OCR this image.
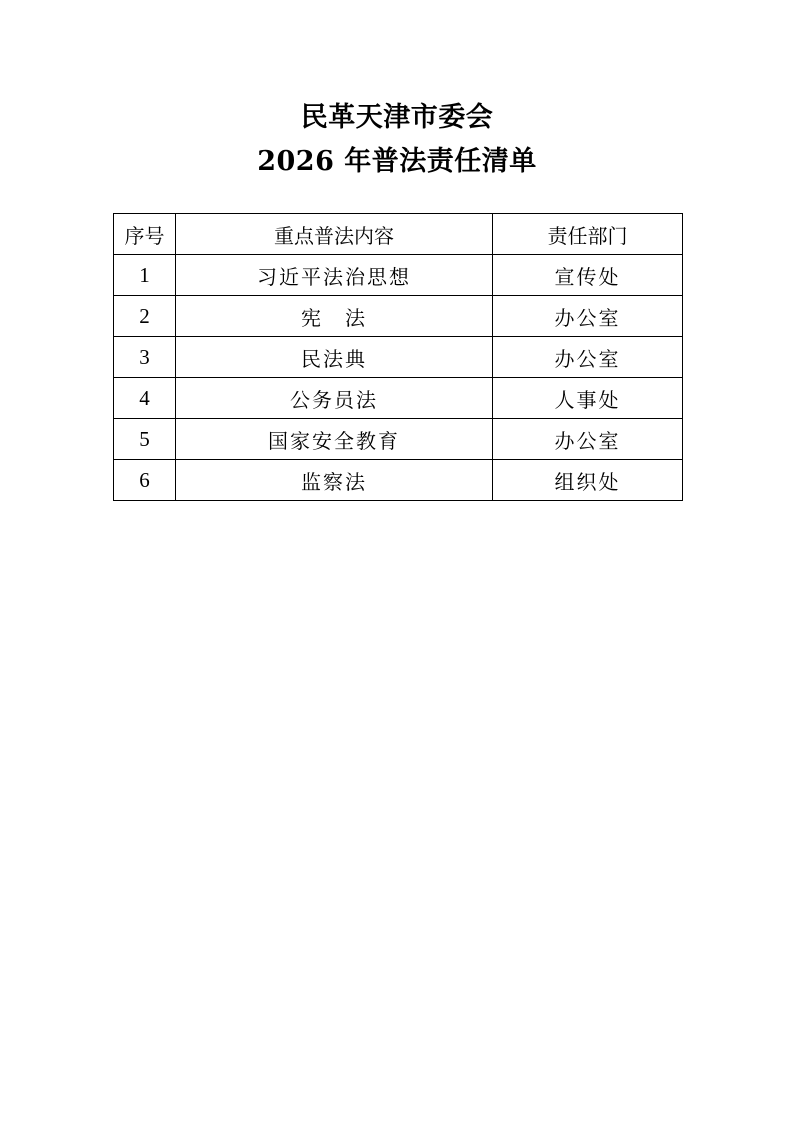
民革天津市委会

2026 年普法责任清单

序号	重点普法内容	责任部门
1	习近平法治思想	宣传处
2	宪　法	办公室
3	民法典	办公室
4	公务员法	人事处
5	国家安全教育	办公室
6	监察法	组织处
